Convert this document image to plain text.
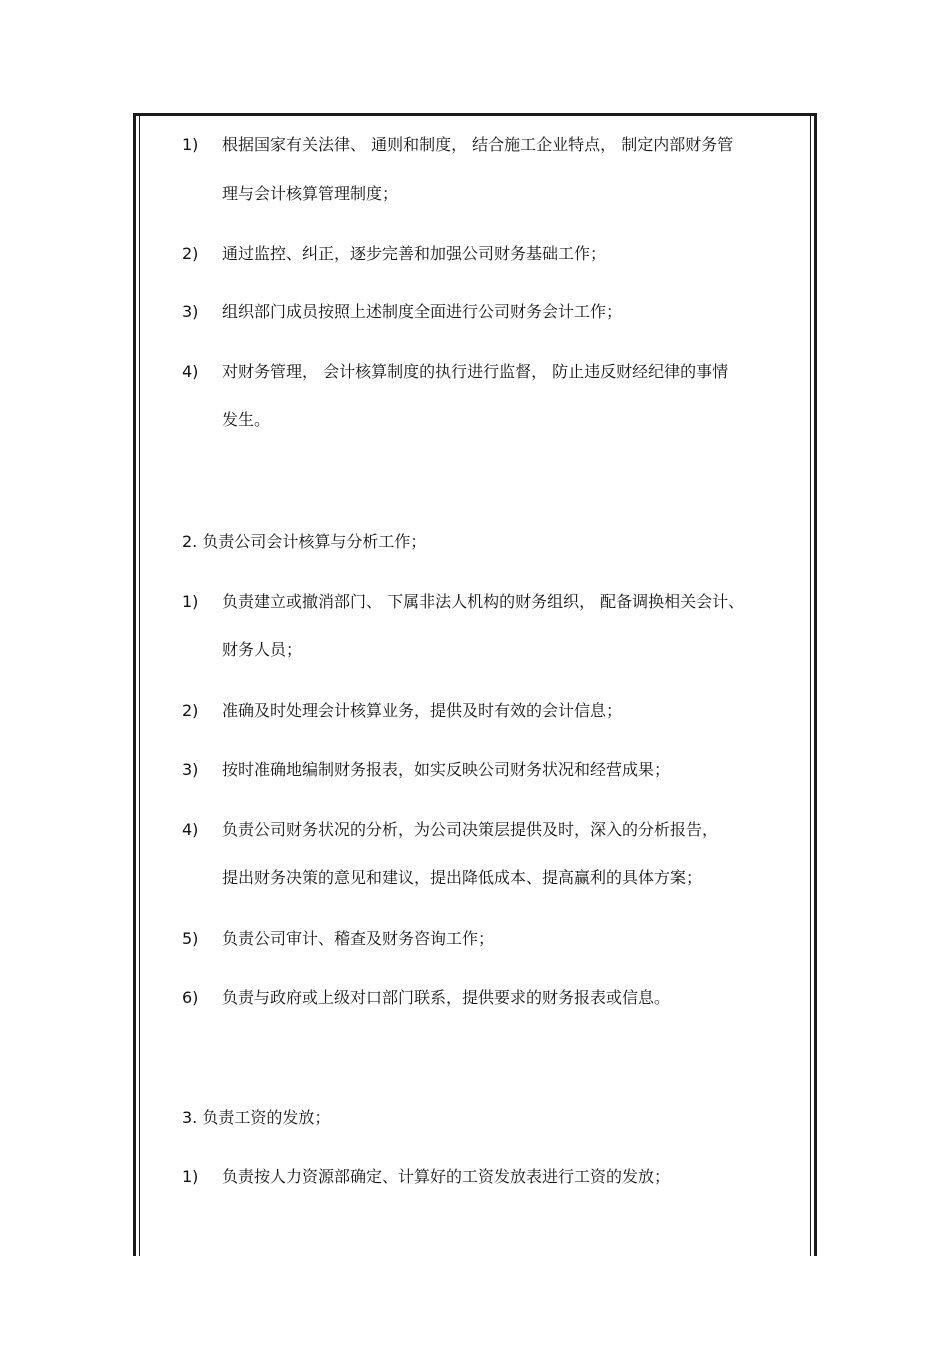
1) 根据国家有关法律、 通则和制度， 结合施工企业特点， 制定内部财务管
理与会计核算管理制度；
2) 通过监控、纠正，逐步完善和加强公司财务基础工作；
3) 组织部门成员按照上述制度全面进行公司财务会计工作；
4) 对财务管理， 会计核算制度的执行进行监督， 防止违反财经纪律的事情
发生。
2. 负责公司会计核算与分析工作；
1) 负责建立或撤消部门、 下属非法人机构的财务组织， 配备调换相关会计、
财务人员；
2) 准确及时处理会计核算业务，提供及时有效的会计信息；
3) 按时准确地编制财务报表，如实反映公司财务状况和经营成果；
4) 负责公司财务状况的分析，为公司决策层提供及时，深入的分析报告，
提出财务决策的意见和建议，提出降低成本、提高赢利的具体方案；
5) 负责公司审计、稽查及财务咨询工作；
6) 负责与政府或上级对口部门联系，提供要求的财务报表或信息。
3. 负责工资的发放；
1) 负责按人力资源部确定、计算好的工资发放表进行工资的发放；
